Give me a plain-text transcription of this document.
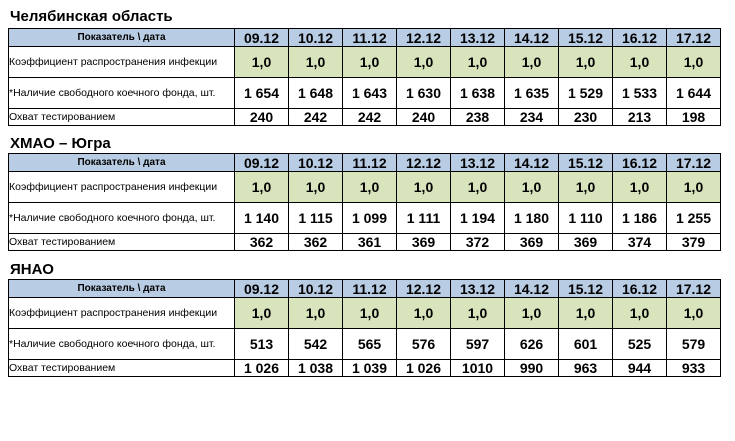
Челябинская область
Показатель \ дата	09.12	10.12	11.12	12.12	13.12	14.12	15.12	16.12	17.12
Коэффициент распространения инфекции	1,0	1,0	1,0	1,0	1,0	1,0	1,0	1,0	1,0
*Наличие свободного коечного фонда, шт.	1 654	1 648	1 643	1 630	1 638	1 635	1 529	1 533	1 644
Охват тестированием	240	242	242	240	238	234	230	213	198
ХМАО – Югра
Показатель \ дата	09.12	10.12	11.12	12.12	13.12	14.12	15.12	16.12	17.12
Коэффициент распространения инфекции	1,0	1,0	1,0	1,0	1,0	1,0	1,0	1,0	1,0
*Наличие свободного коечного фонда, шт.	1 140	1 115	1 099	1 111	1 194	1 180	1 110	1 186	1 255
Охват тестированием	362	362	361	369	372	369	369	374	379
ЯНАО
Показатель \ дата	09.12	10.12	11.12	12.12	13.12	14.12	15.12	16.12	17.12
Коэффициент распространения инфекции	1,0	1,0	1,0	1,0	1,0	1,0	1,0	1,0	1,0
*Наличие свободного коечного фонда, шт.	513	542	565	576	597	626	601	525	579
Охват тестированием	1 026	1 038	1 039	1 026	1010	990	963	944	933
